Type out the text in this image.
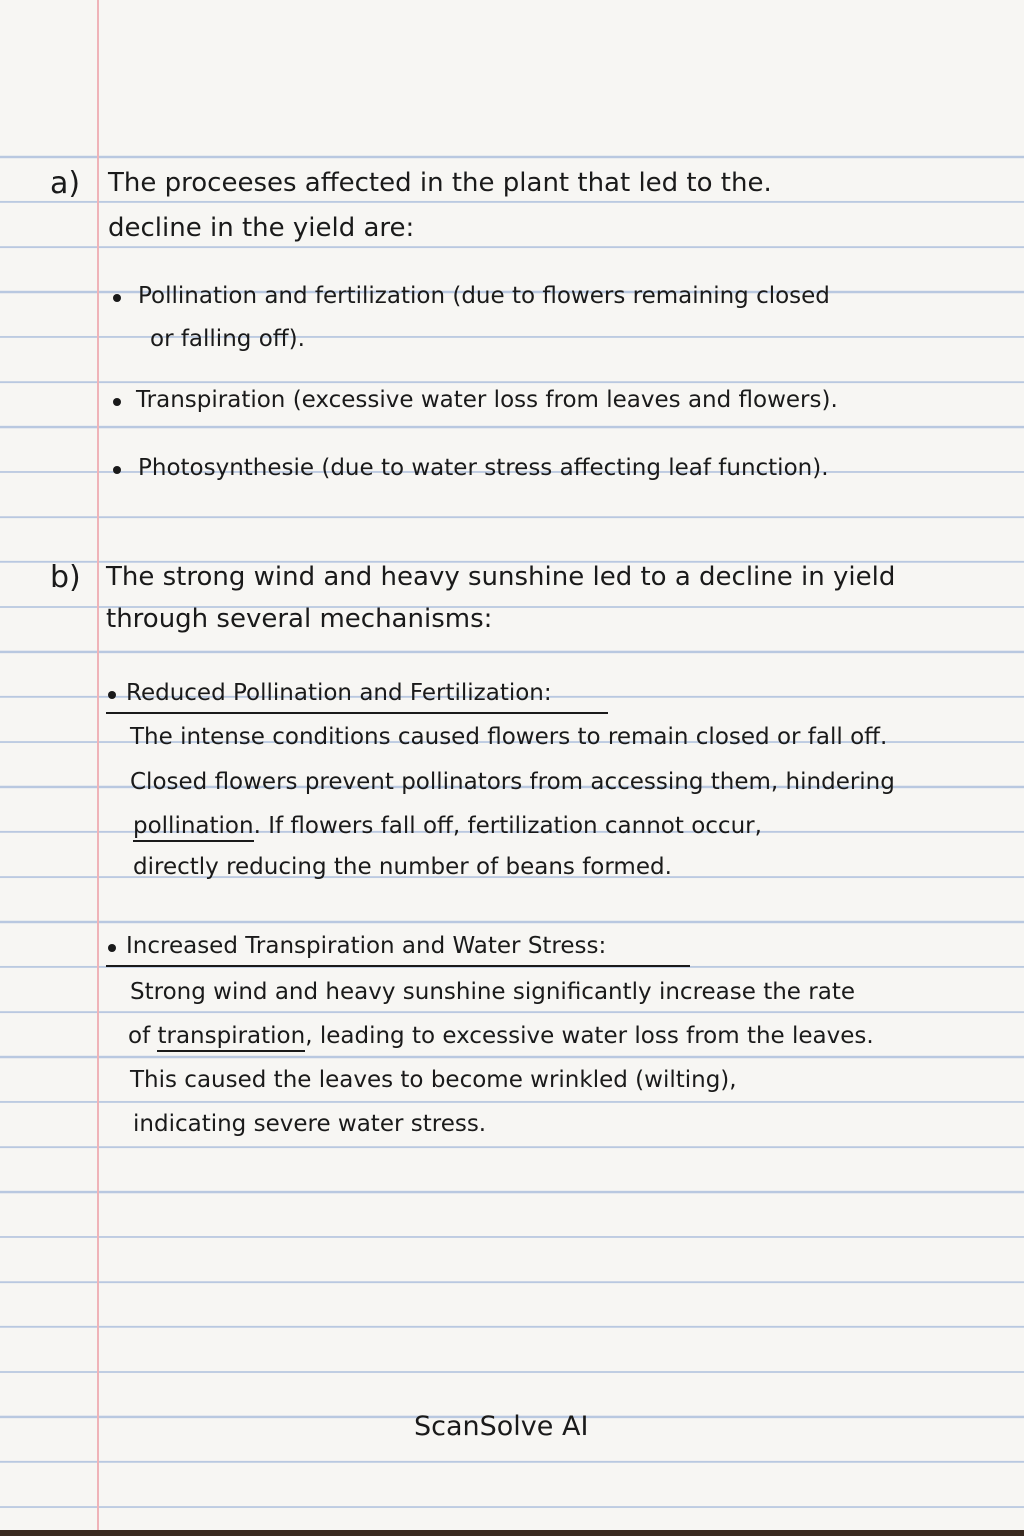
a) The proceeses affected in the plant that led to the.

decline in the yield are:

Pollination and fertilization (due to flowers remaining closed

or falling off).

Transpiration (excessive water loss from leaves and flowers).

Photosynthesie (due to water stress affecting leaf function).

b) The strong wind and heavy sunshine led to a decline in yield

through several mechanisms:

Reduced Pollination and Fertilization:

The intense conditions caused flowers to remain closed or fall off.

Closed flowers prevent pollinators from accessing them, hindering

pollination. If flowers fall off, fertilization cannot occur,

directly reducing the number of beans formed.

Increased Transpiration and Water Stress:

Strong wind and heavy sunshine significantly increase the rate

of transpiration, leading to excessive water loss from the leaves.

This caused the leaves to become wrinkled (wilting),

indicating severe water stress.

ScanSolve AI
